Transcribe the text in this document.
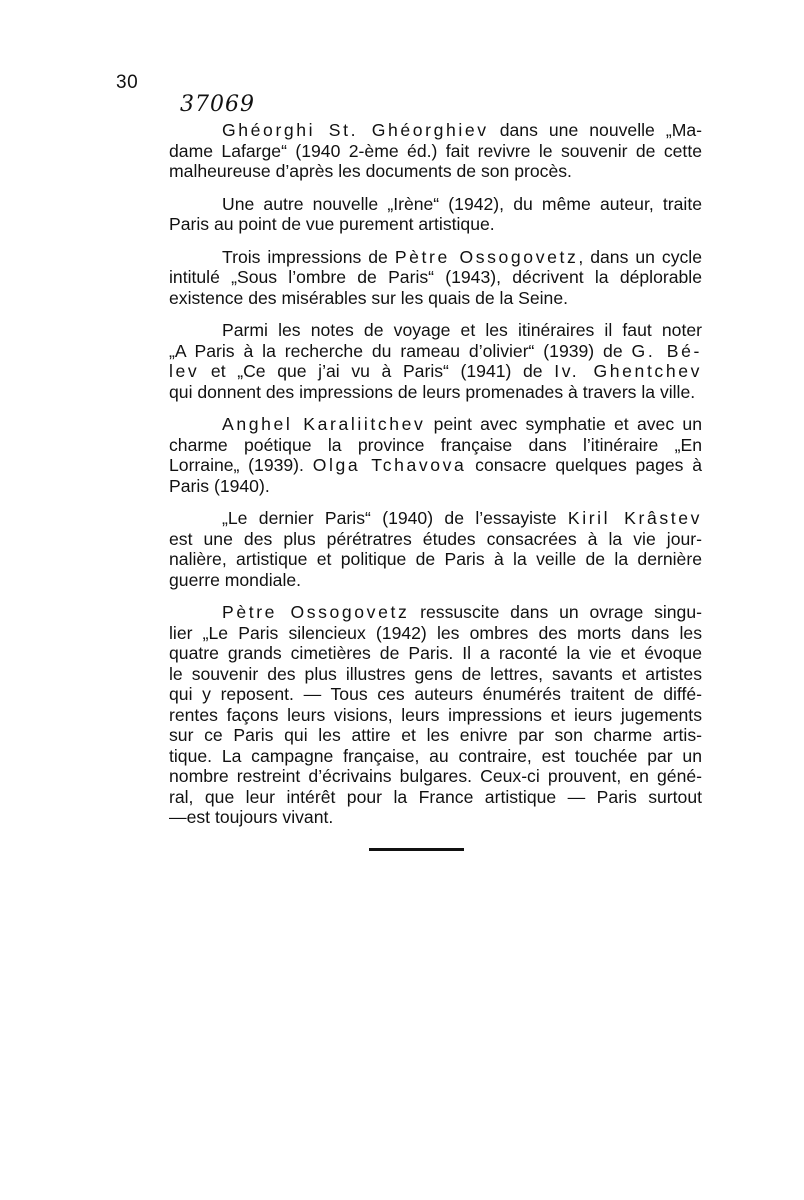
30
37069
Ghéorghi St. Ghéorghiev dans une nouvelle „Ma-
dame Lafarge“ (1940 2-ème éd.) fait revivre le souvenir de cette
malheureuse d’après les documents de son procès.
Une autre nouvelle „Irène“ (1942), du même auteur, traite
Paris au point de vue purement artistique.
Trois impressions de Pètre Ossogovetz, dans un cycle
intitulé „Sous l’ombre de Paris“ (1943), décrivent la déplorable
existence des misérables sur les quais de la Seine.
Parmi les notes de voyage et les itinéraires il faut noter
„A Paris à la recherche du rameau d’olivier“ (1939) de G. Bé-
lev et „Ce que j’ai vu à Paris“ (1941) de Iv. Ghentchev
qui donnent des impressions de leurs promenades à travers la ville.
Anghel Karaliitchev peint avec symphatie et avec un
charme poétique la province française dans l’itinéraire „En
Lorraine„ (1939). Olga Tchavova consacre quelques pages à
Paris (1940).
„Le dernier Paris“ (1940) de l’essayiste Kiril Krâstev
est une des plus pérétratres études consacrées à la vie jour-
nalière, artistique et politique de Paris à la veille de la dernière
guerre mondiale.
Pètre Ossogovetz ressuscite dans un ovrage singu-
lier „Le Paris silencieux (1942) les ombres des morts dans les
quatre grands cimetières de Paris. Il a raconté la vie et évoque
le souvenir des plus illustres gens de lettres, savants et artistes
qui y reposent. — Tous ces auteurs énumérés traitent de diffé-
rentes façons leurs visions, leurs impressions et ieurs jugements
sur ce Paris qui les attire et les enivre par son charme artis-
tique. La campagne française, au contraire, est touchée par un
nombre restreint d’écrivains bulgares. Ceux-ci prouvent, en géné-
ral, que leur intérêt pour la France artistique — Paris surtout
—est toujours vivant.
